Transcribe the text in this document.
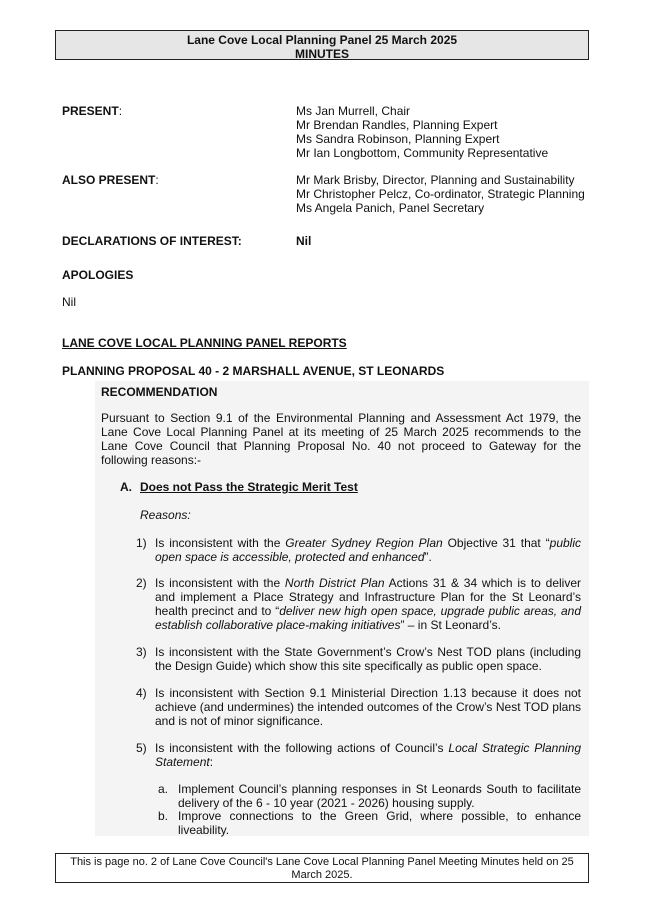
Lane Cove Local Planning Panel 25 March 2025
MINUTES
PRESENT:	Ms Jan Murrell, Chair
Mr Brendan Randles, Planning Expert
Ms Sandra Robinson, Planning Expert
Mr Ian Longbottom, Community Representative
ALSO PRESENT:	Mr Mark Brisby, Director, Planning and Sustainability
Mr Christopher Pelcz, Co-ordinator, Strategic Planning
Ms Angela Panich, Panel Secretary
DECLARATIONS OF INTEREST:	Nil
APOLOGIES
Nil
LANE COVE LOCAL PLANNING PANEL REPORTS
PLANNING PROPOSAL 40 - 2 MARSHALL AVENUE, ST LEONARDS
RECOMMENDATION
Pursuant to Section 9.1 of the Environmental Planning and Assessment Act 1979, the Lane Cove Local Planning Panel at its meeting of 25 March 2025 recommends to the Lane Cove Council that Planning Proposal No. 40 not proceed to Gateway for the following reasons:-
A. Does not Pass the Strategic Merit Test
Reasons:
1) Is inconsistent with the Greater Sydney Region Plan Objective 31 that “public open space is accessible, protected and enhanced”.
2) Is inconsistent with the North District Plan Actions 31 & 34 which is to deliver and implement a Place Strategy and Infrastructure Plan for the St Leonard’s health precinct and to “deliver new high open space, upgrade public areas, and establish collaborative place-making initiatives” – in St Leonard’s.
3) Is inconsistent with the State Government’s Crow’s Nest TOD plans (including the Design Guide) which show this site specifically as public open space.
4) Is inconsistent with Section 9.1 Ministerial Direction 1.13 because it does not achieve (and undermines) the intended outcomes of the Crow’s Nest TOD plans and is not of minor significance.
5) Is inconsistent with the following actions of Council’s Local Strategic Planning Statement:
a. Implement Council’s planning responses in St Leonards South to facilitate delivery of the 6 - 10 year (2021 - 2026) housing supply.
b. Improve connections to the Green Grid, where possible, to enhance liveability.
This is page no. 2 of Lane Cove Council's Lane Cove Local Planning Panel Meeting Minutes held on 25 March 2025.
